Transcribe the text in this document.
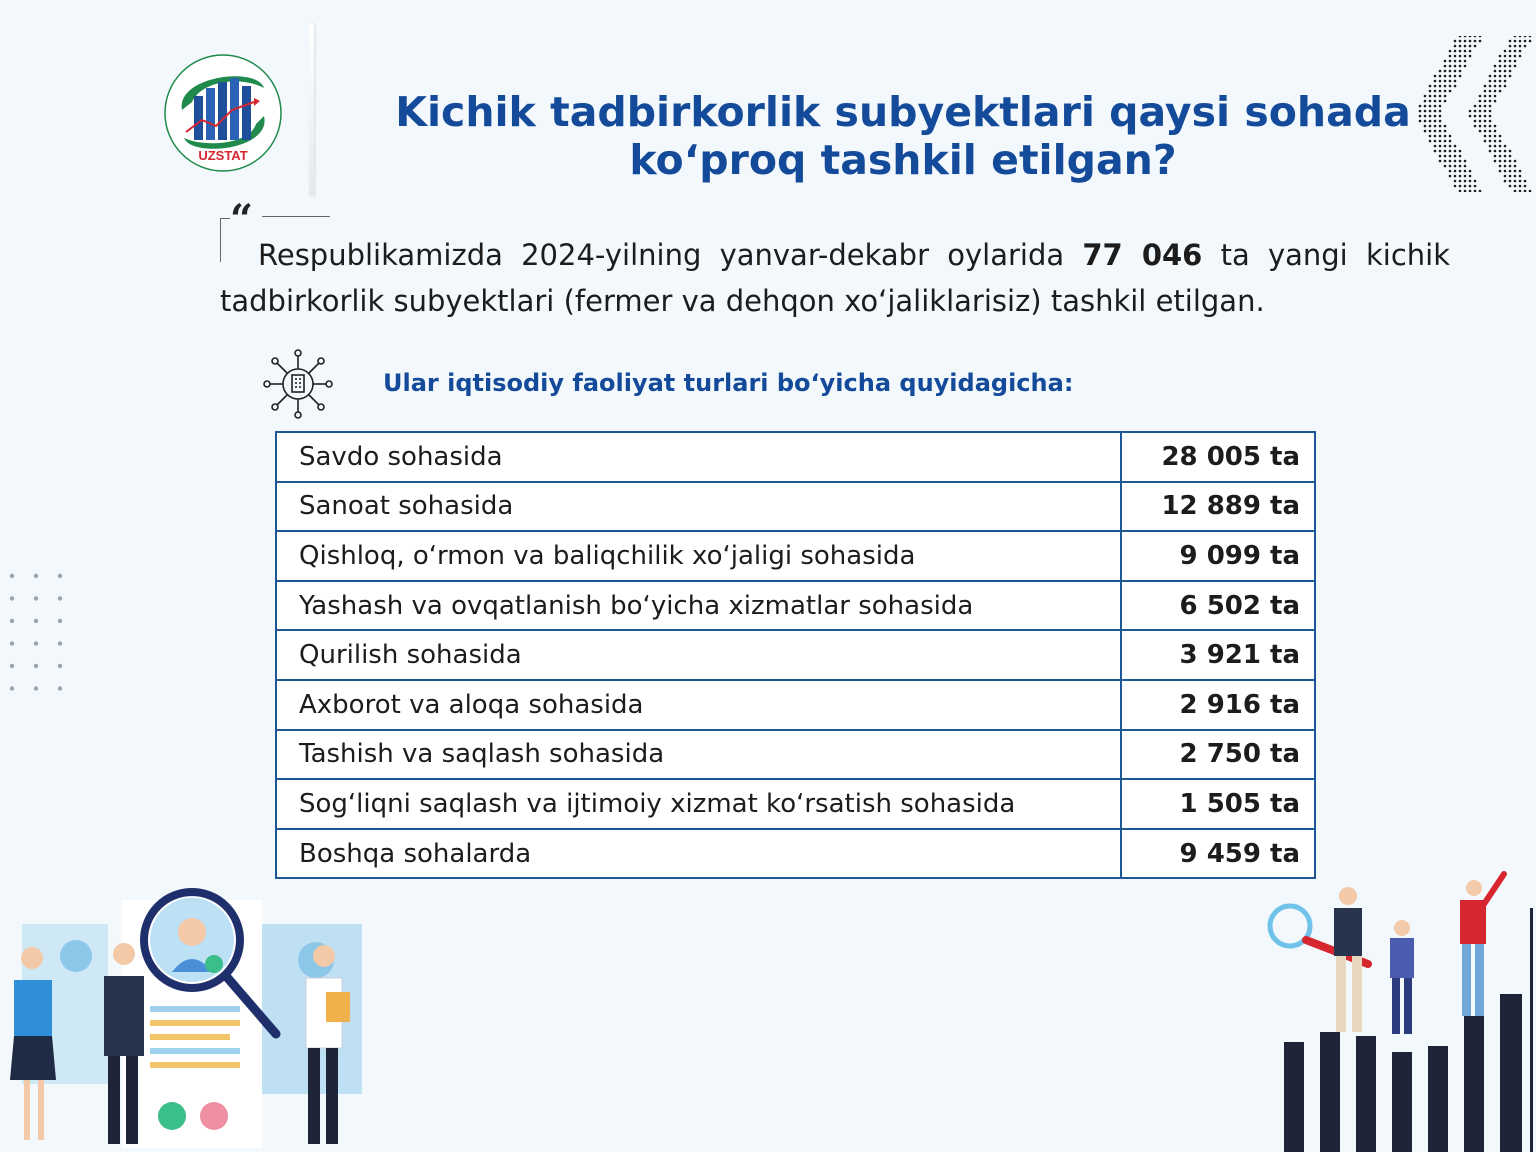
UZSTAT
Kichik tadbirkorlik subyektlari qaysi sohada ko‘proq tashkil etilgan?
“
Respublikamizda 2024-yilning yanvar-dekabr oylarida 77 046 ta yangi kichik tadbirkorlik subyektlari (fermer va dehqon xo‘jaliklarisiz) tashkil etilgan.
Ular iqtisodiy faoliyat turlari bo‘yicha quyidagicha:
Savdo sohasida	28 005 ta
Sanoat sohasida	12 889 ta
Qishloq, o‘rmon va baliqchilik xo‘jaligi sohasida	9 099 ta
Yashash va ovqatlanish bo‘yicha xizmatlar sohasida	6 502 ta
Qurilish sohasida	3 921 ta
Axborot va aloqa sohasida	2 916 ta
Tashish va saqlash sohasida	2 750 ta
Sog‘liqni saqlash va ijtimoiy xizmat ko‘rsatish sohasida	1 505 ta
Boshqa sohalarda	9 459 ta
